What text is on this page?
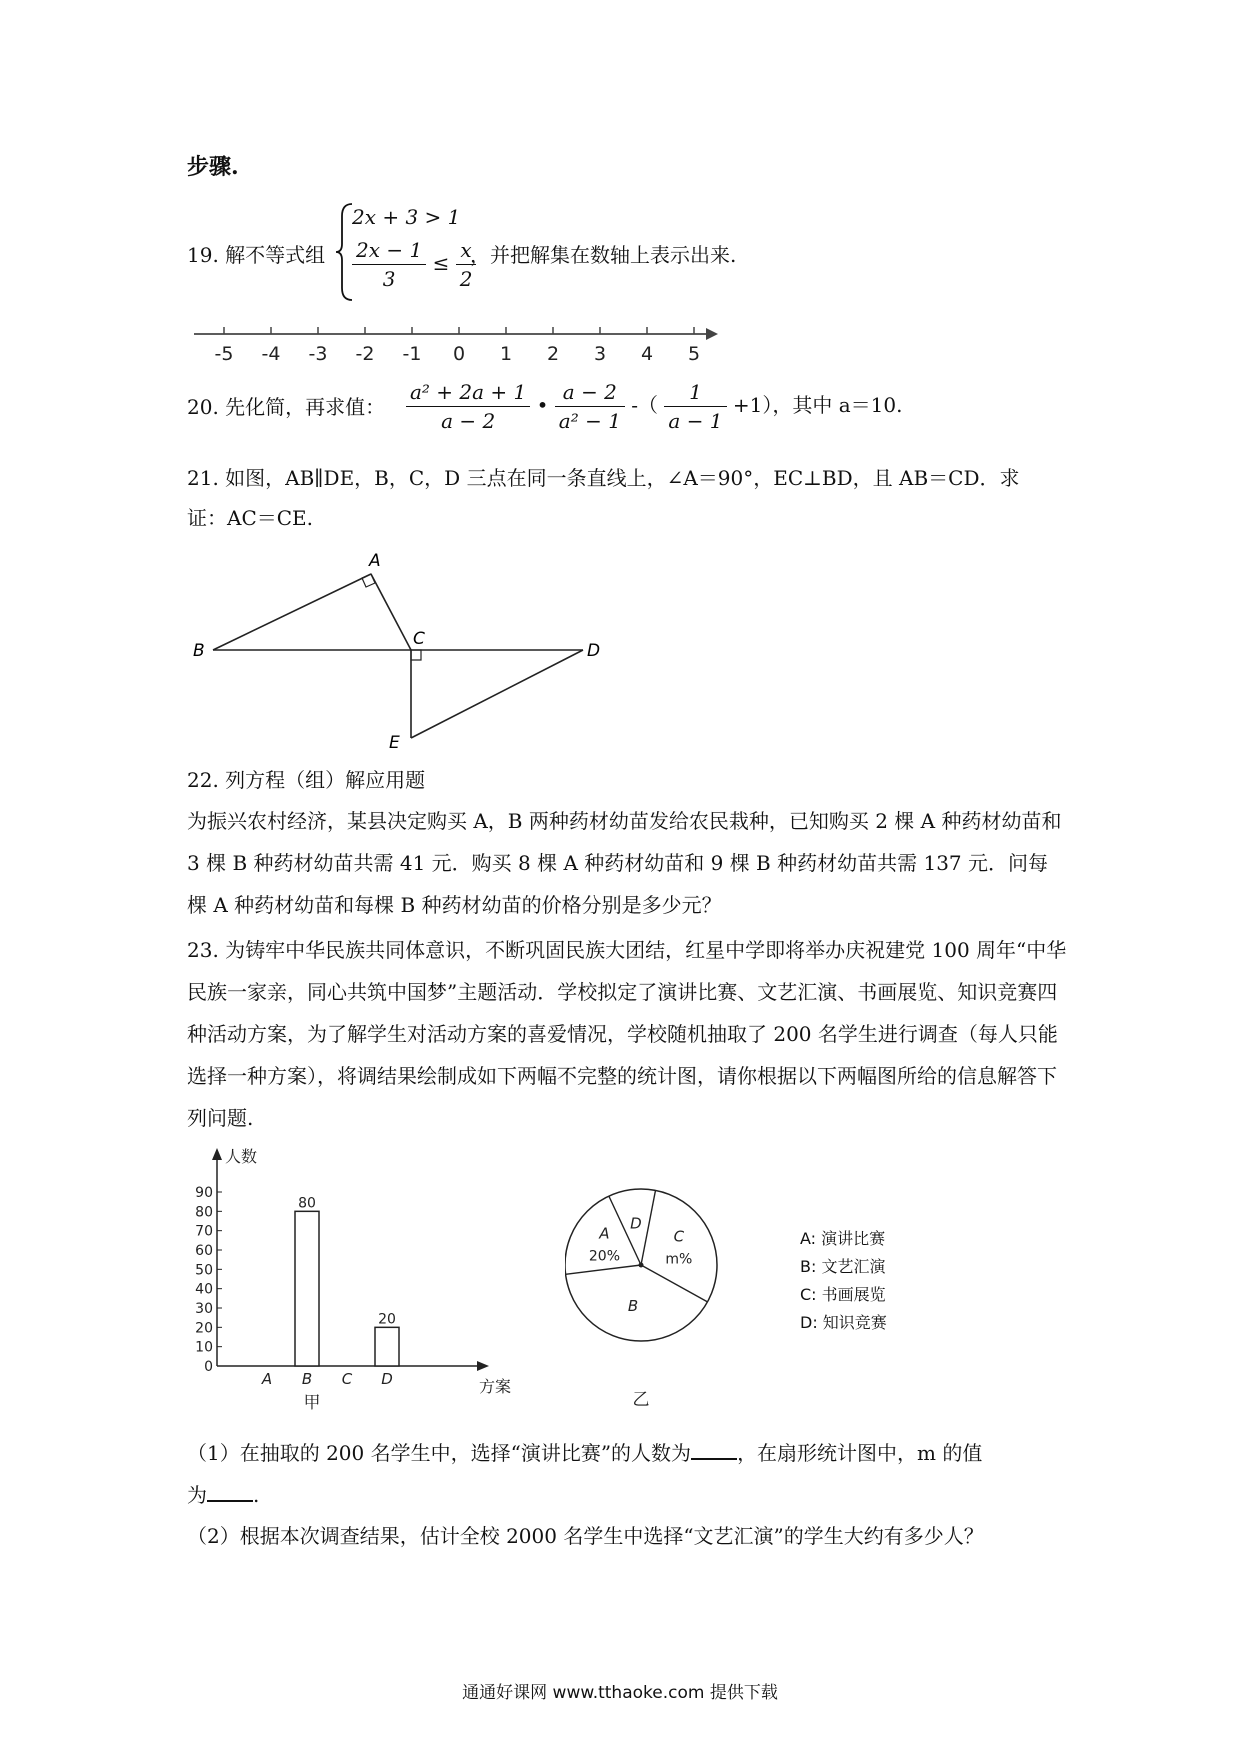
步骤.
19. 解不等式组
2x + 3 > 1
$\frac{2x - 1}{3} \le \frac{x}{2}$
，并把解集在数轴上表示出来.
-5 -4 -3 -2 -1 0 1 2 3 4 5
20. 先化简，再求值： $\frac{\text{a² + 2a + 1}}{a - 2}$ • $\frac{a - 2}{\text{a² − 1}}$ -（ $\frac{1}{a - 1} +1$），其中 a＝10.
21. 如图，AB∥DE，B，C，D 三点在同一条直线上，∠A＝90°，EC⊥BD，且 AB＝CD．求
证：AC＝CE.
A
B
C
D
E
22. 列方程（组）解应用题
为振兴农村经济，某县决定购买 A，B 两种药材幼苗发给农民栽种，已知购买 2 棵 A 种药材幼苗和 3 棵 B 种药材幼苗共需 41 元．购买 8 棵 A 种药材幼苗和 9 棵 B 种药材幼苗共需 137 元．问每棵 A 种药材幼苗和每棵 B 种药材幼苗的价格分别是多少元？
23. 为铸牢中华民族共同体意识，不断巩固民族大团结，红星中学即将举办庆祝建党 100 周年“中华民族一家亲，同心共筑中国梦”主题活动．学校拟定了演讲比赛、文艺汇演、书画展览、知识竞赛四种活动方案，为了解学生对活动方案的喜爱情况，学校随机抽取了 200 名学生进行调查（每人只能选择一种方案），将调结果绘制成如下两幅不完整的统计图，请你根据以下两幅图所给的信息解答下列问题.
人数
方案
0
10
20
30
40
50
60
70
80
90
A B
80
C D
20
甲
A
20%
B
C
m%
D
乙
A: 演讲比赛
B: 文艺汇演
C: 书画展览
D: 知识竞赛
（1）在抽取的 200 名学生中，选择“演讲比赛”的人数为 ，在扇形统计图中，m 的值
为 .
（2）根据本次调查结果，估计全校 2000 名学生中选择“文艺汇演”的学生大约有多少人？
通通好课网 www.tthaoke.com 提供下载
